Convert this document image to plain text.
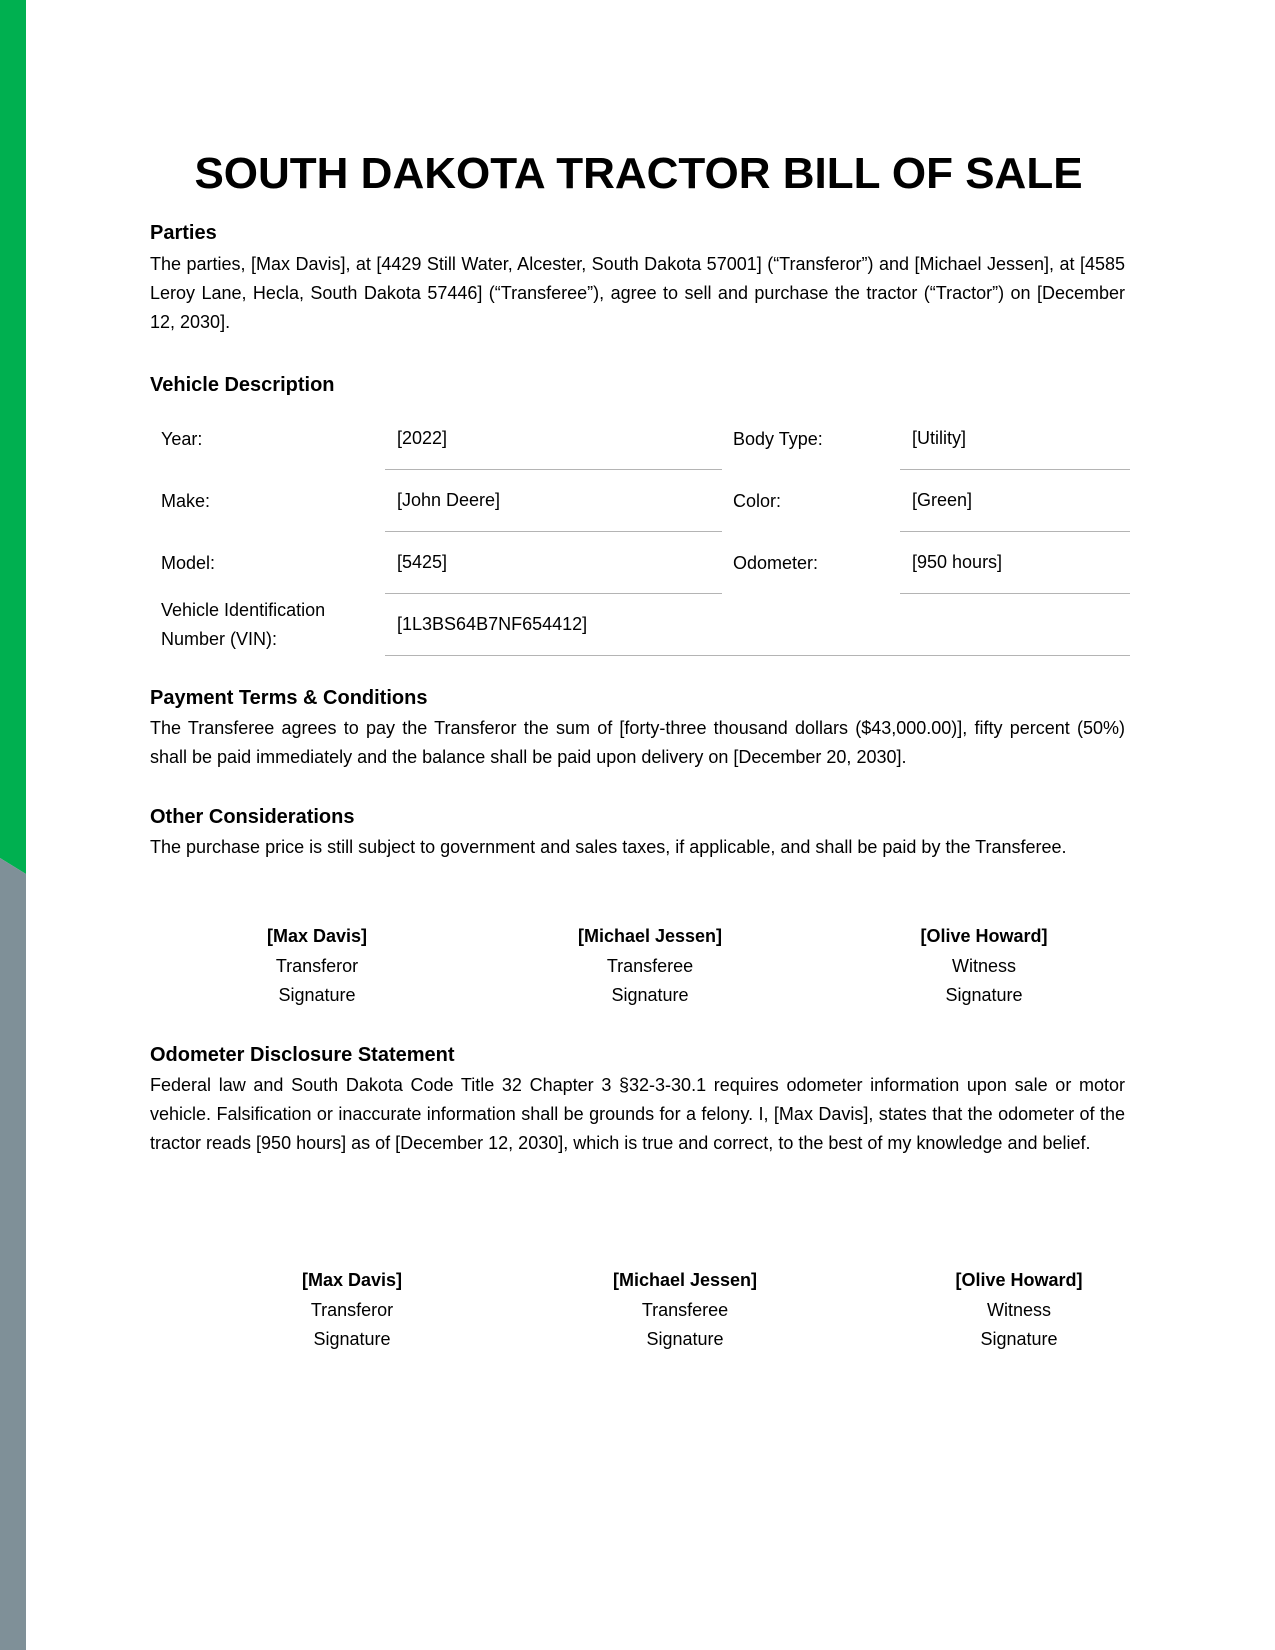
SOUTH DAKOTA TRACTOR BILL OF SALE
Parties

The parties, [Max Davis], at [4429 Still Water, Alcester, South Dakota 57001] (“Transferor”) and [Michael Jessen], at [4585 Leroy Lane, Hecla, South Dakota 57446] (“Transferee”), agree to sell and purchase the tractor (“Tractor”) on [December 12, 2030].

Vehicle Description
Year:	[2022]	Body Type:	[Utility]
Make:	[John Deere]	Color:	[Green]
Model:	[5425]	Odometer:	[950 hours]
Vehicle Identification Number (VIN):
[1L3BS64B7NF654412]
Payment Terms & Conditions

The Transferee agrees to pay the Transferor the sum of [forty-three thousand dollars ($43,000.00)], fifty percent (50%) shall be paid immediately and the balance shall be paid upon delivery on [December 20, 2030].

Other Considerations

The purchase price is still subject to government and sales taxes, if applicable, and shall be paid by the Transferee.

[Max Davis]
Transferor
Signature
[Michael Jessen]
Transferee
Signature
[Olive Howard]
Witness
Signature
Odometer Disclosure Statement

Federal law and South Dakota Code Title 32 Chapter 3 §32-3-30.1 requires odometer information upon sale or motor vehicle. Falsification or inaccurate information shall be grounds for a felony. I, [Max Davis], states that the odometer of the tractor reads [950 hours] as of [December 12, 2030], which is true and correct, to the best of my knowledge and belief.

[Max Davis]
Transferor
Signature
[Michael Jessen]
Transferee
Signature
[Olive Howard]
Witness
Signature
